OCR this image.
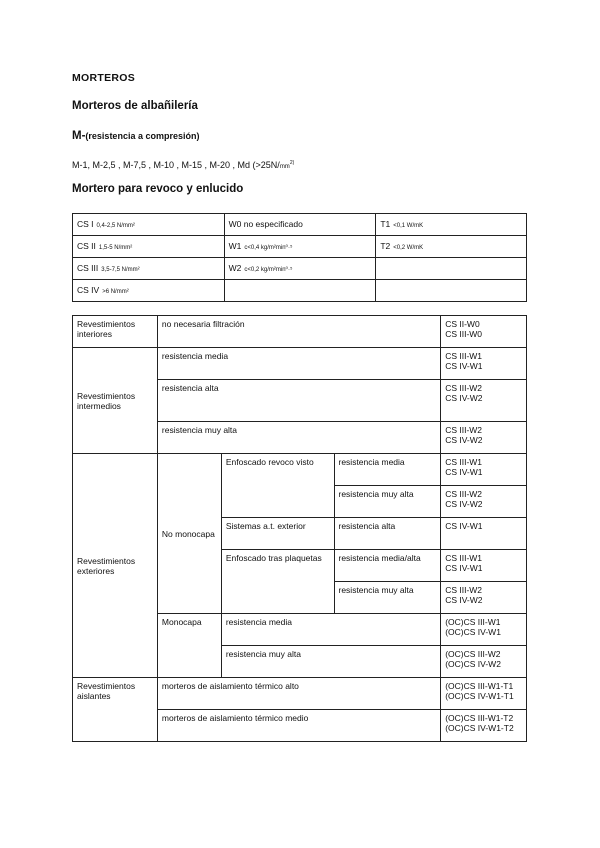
MORTEROS
Morteros de albañilería
M-(resistencia a compresión)
M-1, M-2,5 , M-7,5 , M-10 , M-15 , M-20 , Md ($>25N/mm^{2)}$
Mortero para revoco y enlucido
CS I 0,4-2,5 N/mm²	W0 no especificado	T1 <0,1 W/mK
CS II 1,5-5 N/mm²	W1 c<0,4 kg/m²min⁰·⁵	T2 <0,2 W/mK
CS III 3,5-7,5 N/mm²	W2 c<0,2 kg/m²min⁰·⁵	
CS IV >6 N/mm²		
Revestimientos interiores	no necesaria filtración			CS II-W0
CS III-W0
Revestimientos intermedios	resistencia media			CS III-W1
CS IV-W1
	resistencia alta			CS III-W2
CS IV-W2
	resistencia muy alta			CS III-W2
CS IV-W2
Revestimientos exteriores	No monocapa	Enfoscado revoco visto	resistencia media	CS III-W1
CS IV-W1
			resistencia muy alta	CS III-W2
CS IV-W2
		Sistemas a.t. exterior	resistencia alta	CS IV-W1
		Enfoscado tras plaquetas	resistencia media/alta	CS III-W1
CS IV-W1
			resistencia muy alta	CS III-W2
CS IV-W2
	Monocapa	resistencia media		(OC)CS III-W1
(OC)CS IV-W1
		resistencia muy alta		(OC)CS III-W2
(OC)CS IV-W2
Revestimientos aislantes	morteros de aislamiento térmico alto			(OC)CS III-W1-T1
(OC)CS IV-W1-T1
	morteros de aislamiento térmico medio			(OC)CS III-W1-T2
(OC)CS IV-W1-T2
